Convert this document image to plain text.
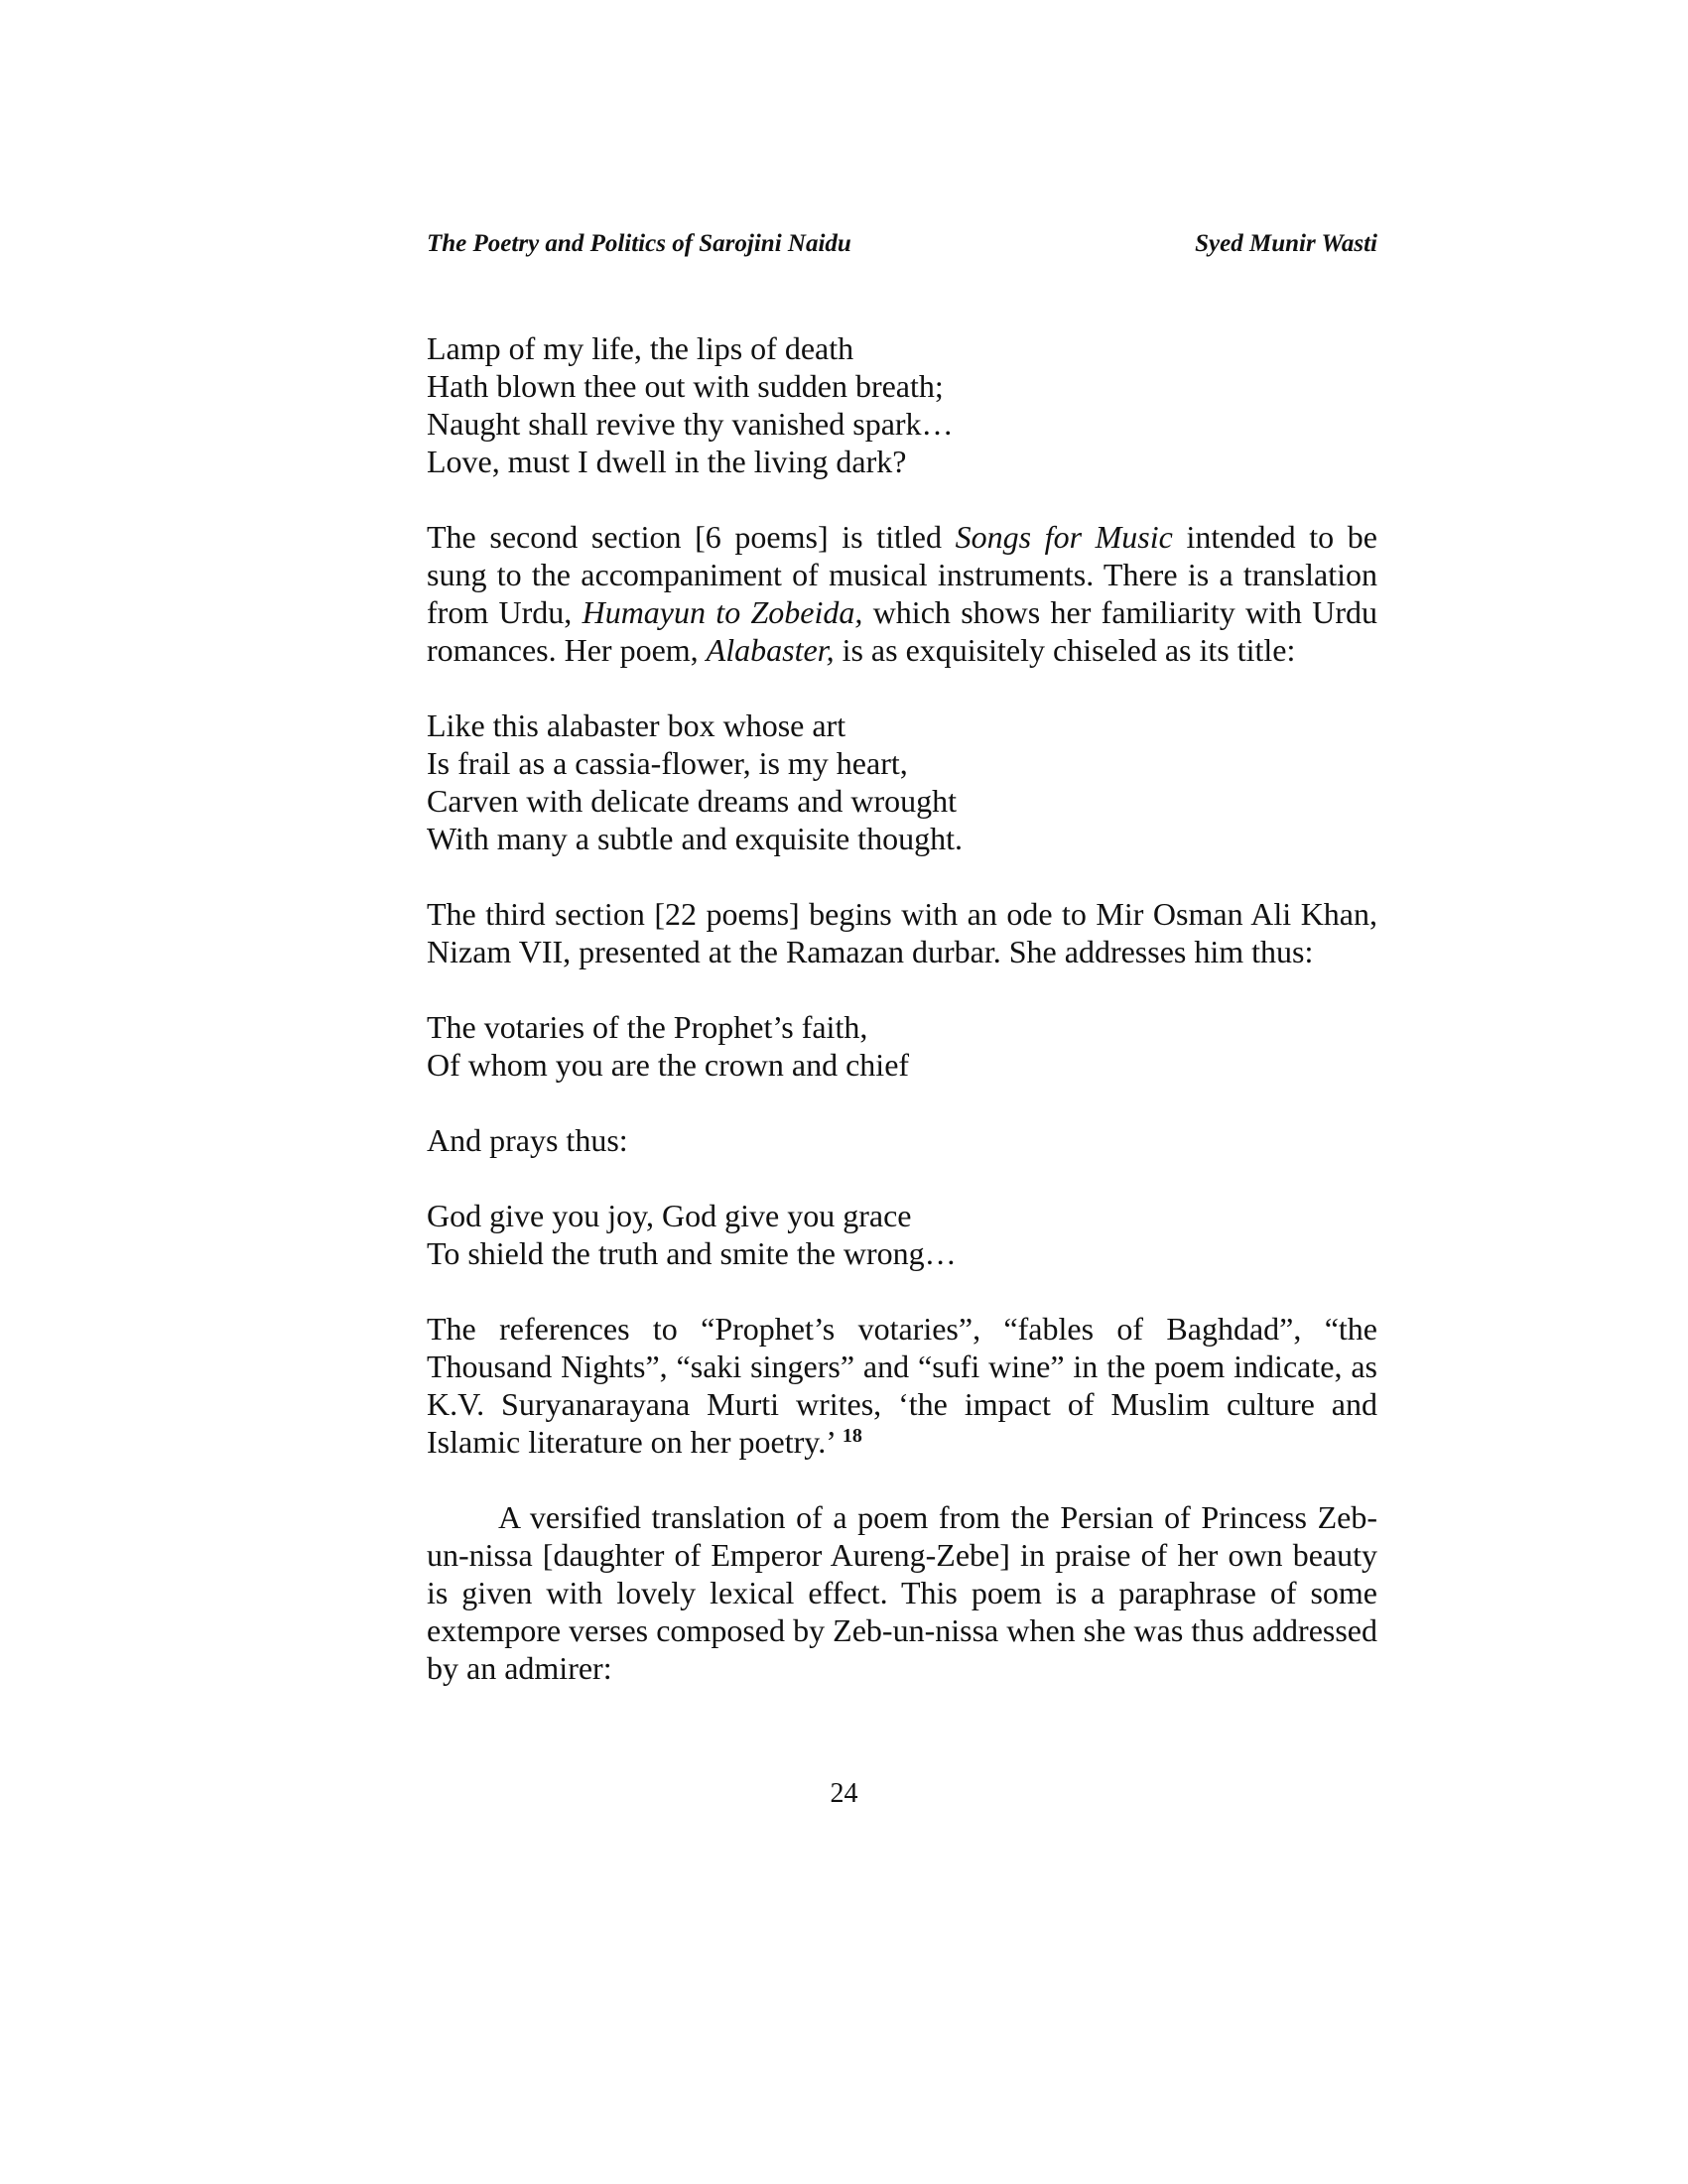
The Poetry and Politics of Sarojini Naidu	Syed Munir Wasti
Lamp of my life, the lips of death
Hath blown thee out with sudden breath;
Naught shall revive thy vanished spark…
Love, must I dwell in the living dark?

The second section [6 poems] is titled Songs for Music intended to be sung to the accompaniment of musical instruments. There is a translation from Urdu, Humayun to Zobeida, which shows her familiarity with Urdu romances. Her poem, Alabaster, is as exquisitely chiseled as its title:

Like this alabaster box whose art
Is frail as a cassia-flower, is my heart,
Carven with delicate dreams and wrought
With many a subtle and exquisite thought.

The third section [22 poems] begins with an ode to Mir Osman Ali Khan, Nizam VII, presented at the Ramazan durbar. She addresses him thus:

The votaries of the Prophet’s faith,
Of whom you are the crown and chief

And prays thus:

God give you joy, God give you grace
To shield the truth and smite the wrong…

The references to “Prophet’s votaries”, “fables of Baghdad”, “the Thousand Nights”, “saki singers” and “sufi wine” in the poem indicate, as K.V. Suryanarayana Murti writes, ‘the impact of Muslim culture and Islamic literature on her poetry.’ $^{18}$

A versified translation of a poem from the Persian of Princess Zeb-un-nissa [daughter of Emperor Aureng-Zebe] in praise of her own beauty is given with lovely lexical effect. This poem is a paraphrase of some extempore verses composed by Zeb-un-nissa when she was thus addressed by an admirer:

24
